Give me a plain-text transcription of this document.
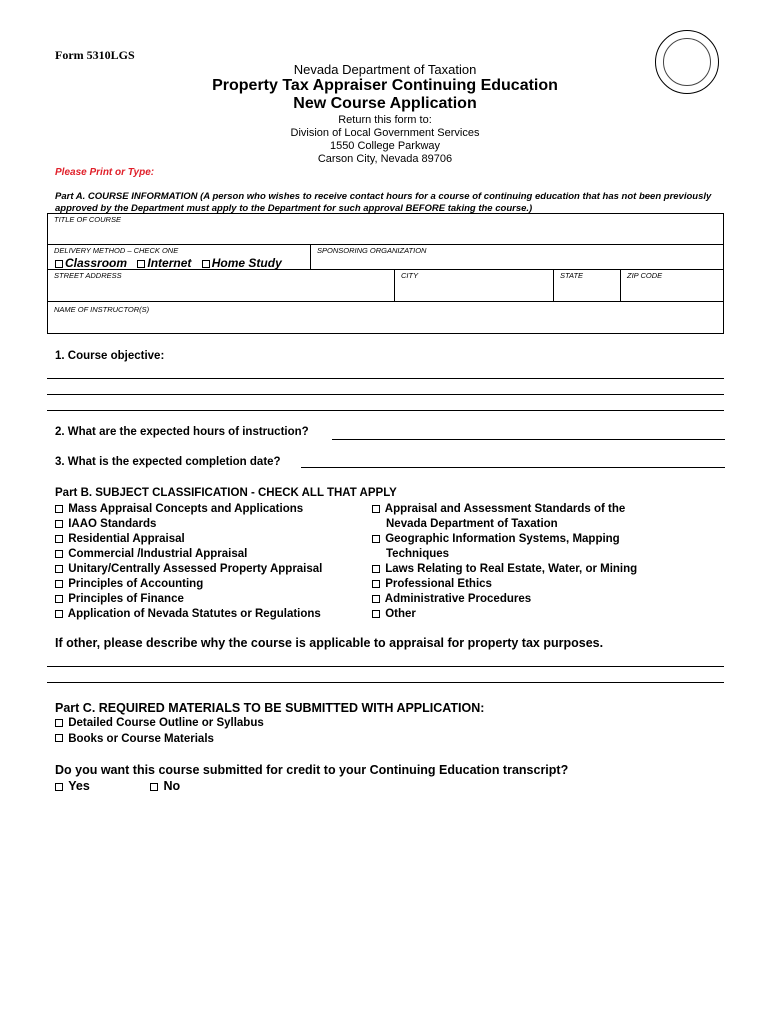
Form 5310LGS
Nevada Department of Taxation
Property Tax Appraiser Continuing Education
New Course Application
Return this form to:
Division of Local Government Services
1550 College Parkway
Carson City, Nevada 89706
Please Print or Type:
Part A. COURSE INFORMATION (A person who wishes to receive contact hours for a course of continuing education that has not been previously approved by the Department must apply to the Department for such approval BEFORE taking the course.)
TITLE OF COURSE
DELIVERY METHOD – CHECK ONE	SPONSORING ORGANIZATION
Classroom Internet Home Study
STREET ADDRESS	CITY	STATE	ZIP CODE
NAME OF INSTRUCTOR(S)
1. Course objective:
2. What are the expected hours of instruction?
3. What is the expected completion date?
Part B. SUBJECT CLASSIFICATION - CHECK ALL THAT APPLY
Mass Appraisal Concepts and Applications
IAAO Standards
Residential Appraisal
Commercial /Industrial Appraisal
Unitary/Centrally Assessed Property Appraisal
Principles of Accounting
Principles of Finance
Application of Nevada Statutes or Regulations
Appraisal and Assessment Standards of the
Nevada Department of Taxation
Geographic Information Systems, Mapping
Techniques
Laws Relating to Real Estate, Water, or Mining
Professional Ethics
Administrative Procedures
Other
If other, please describe why the course is applicable to appraisal for property tax purposes.
Part C. REQUIRED MATERIALS TO BE SUBMITTED WITH APPLICATION:
Detailed Course Outline or Syllabus
Books or Course Materials
Do you want this course submitted for credit to your Continuing Education transcript?
Yes	No
